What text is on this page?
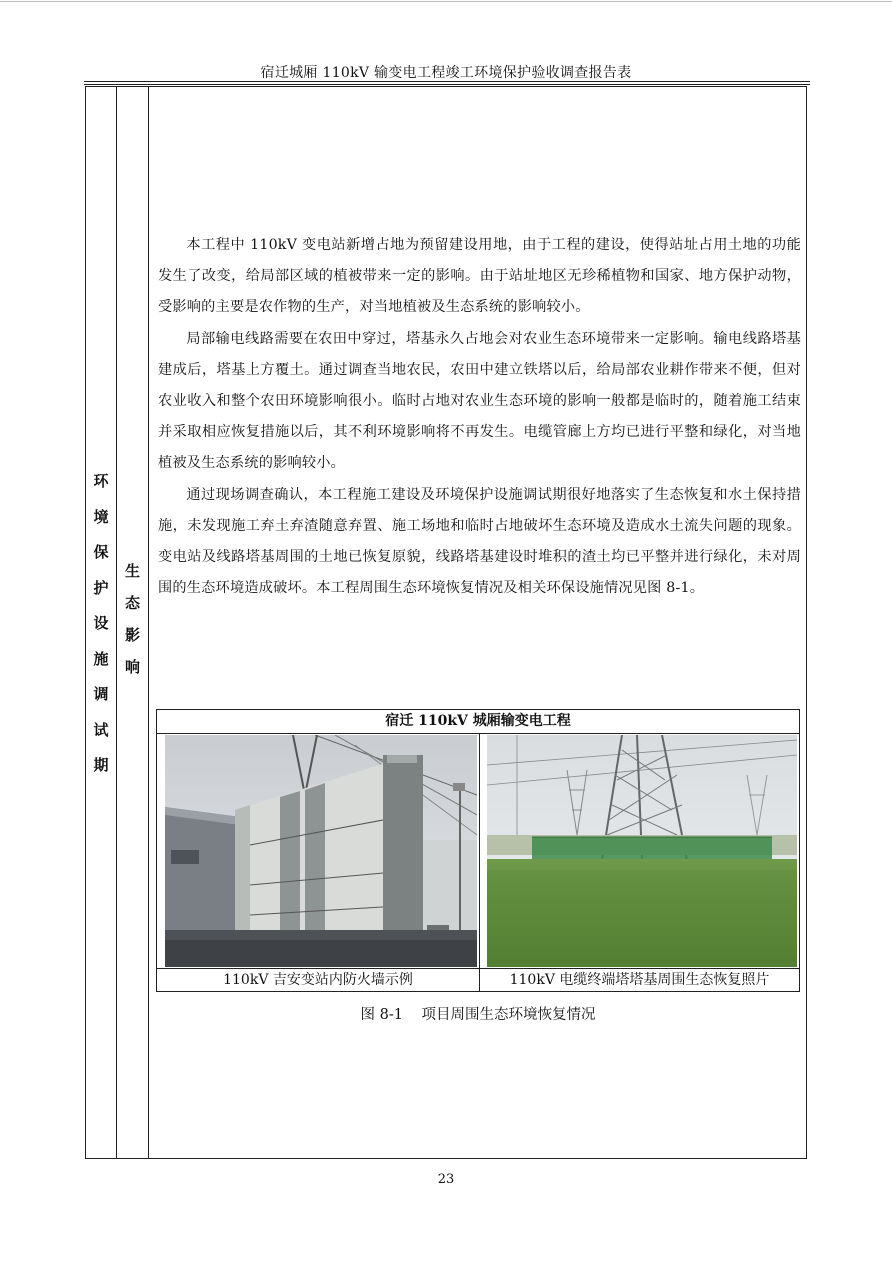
宿迁城厢 110kV 输变电工程竣工环境保护验收调查报告表
环
境
保
护
设
施
调
试
期
生
态
影
响

本工程中 110kV 变电站新增占地为预留建设用地，由于工程的建设，使得站址占用土地的功能发生了改变，给局部区域的植被带来一定的影响。由于站址地区无珍稀植物和国家、地方保护动物，受影响的主要是农作物的生产，对当地植被及生态系统的影响较小。

局部输电线路需要在农田中穿过，塔基永久占地会对农业生态环境带来一定影响。输电线路塔基建成后，塔基上方覆土。通过调查当地农民，农田中建立铁塔以后，给局部农业耕作带来不便，但对农业收入和整个农田环境影响很小。临时占地对农业生态环境的影响一般都是临时的，随着施工结束并采取相应恢复措施以后，其不利环境影响将不再发生。电缆管廊上方均已进行平整和绿化，对当地植被及生态系统的影响较小。

通过现场调查确认，本工程施工建设及环境保护设施调试期很好地落实了生态恢复和水土保持措施，未发现施工弃土弃渣随意弃置、施工场地和临时占地破坏生态环境及造成水土流失问题的现象。变电站及线路塔基周围的土地已恢复原貌，线路塔基建设时堆积的渣土均已平整并进行绿化，未对周围的生态环境造成破坏。本工程周围生态环境恢复情况及相关环保设施情况见图 8-1。

宿迁 110kV 城厢输变电工程
110kV 吉安变站内防火墙示例	110kV 电缆终端塔塔基周围生态恢复照片
图 8-1    项目周围生态环境恢复情况
23
